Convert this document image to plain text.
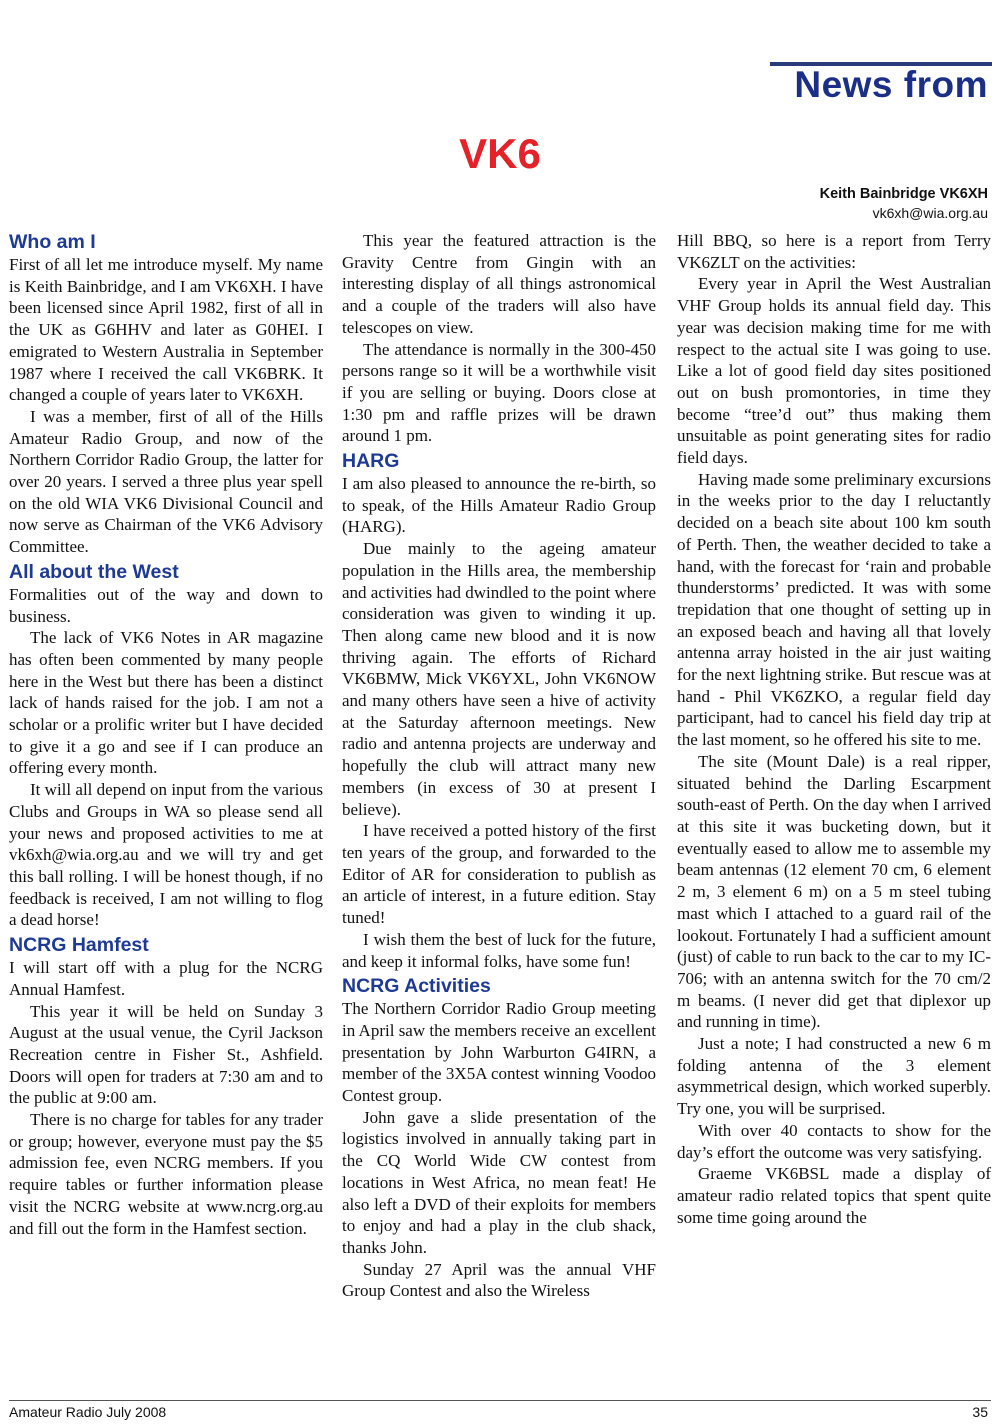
News from
VK6
Keith Bainbridge VK6XH
vk6xh@wia.org.au
Who am I

First of all let me introduce myself. My name is Keith Bainbridge, and I am VK6XH. I have been licensed since April 1982, first of all in the UK as G6HHV and later as G0HEI. I emigrated to Western Australia in September 1987 where I received the call VK6BRK. It changed a couple of years later to VK6XH.

I was a member, first of all of the Hills Amateur Radio Group, and now of the Northern Corridor Radio Group, the latter for over 20 years. I served a three plus year spell on the old WIA VK6 Divisional Council and now serve as Chairman of the VK6 Advisory Committee.

All about the West

Formalities out of the way and down to business.

The lack of VK6 Notes in AR magazine has often been commented by many people here in the West but there has been a distinct lack of hands raised for the job. I am not a scholar or a prolific writer but I have decided to give it a go and see if I can produce an offering every month.

It will all depend on input from the various Clubs and Groups in WA so please send all your news and proposed activities to me at vk6xh@wia.org.au and we will try and get this ball rolling. I will be honest though, if no feedback is received, I am not willing to flog a dead horse!

NCRG Hamfest

I will start off with a plug for the NCRG Annual Hamfest.

This year it will be held on Sunday 3 August at the usual venue, the Cyril Jackson Recreation centre in Fisher St., Ashfield. Doors will open for traders at 7:30 am and to the public at 9:00 am.

There is no charge for tables for any trader or group; however, everyone must pay the $5 admission fee, even NCRG members. If you require tables or further information please visit the NCRG website at www.ncrg.org.au and fill out the form in the Hamfest section.

This year the featured attraction is the Gravity Centre from Gingin with an interesting display of all things astronomical and a couple of the traders will also have telescopes on view.

The attendance is normally in the 300-450 persons range so it will be a worthwhile visit if you are selling or buying. Doors close at 1:30 pm and raffle prizes will be drawn around 1 pm.

HARG

I am also pleased to announce the re-birth, so to speak, of the Hills Amateur Radio Group (HARG).

Due mainly to the ageing amateur population in the Hills area, the membership and activities had dwindled to the point where consideration was given to winding it up. Then along came new blood and it is now thriving again. The efforts of Richard VK6BMW, Mick VK6YXL, John VK6NOW and many others have seen a hive of activity at the Saturday afternoon meetings. New radio and antenna projects are underway and hopefully the club will attract many new members (in excess of 30 at present I believe).

I have received a potted history of the first ten years of the group, and forwarded to the Editor of AR for consideration to publish as an article of interest, in a future edition. Stay tuned!

I wish them the best of luck for the future, and keep it informal folks, have some fun!

NCRG Activities

The Northern Corridor Radio Group meeting in April saw the members receive an excellent presentation by John Warburton G4IRN, a member of the 3X5A contest winning Voodoo Contest group.

John gave a slide presentation of the logistics involved in annually taking part in the CQ World Wide CW contest from locations in West Africa, no mean feat! He also left a DVD of their exploits for members to enjoy and had a play in the club shack, thanks John.

Sunday 27 April was the annual VHF Group Contest and also the Wireless

Hill BBQ, so here is a report from Terry VK6ZLT on the activities:

Every year in April the West Australian VHF Group holds its annual field day. This year was decision making time for me with respect to the actual site I was going to use. Like a lot of good field day sites positioned out on bush promontories, in time they become “tree’d out” thus making them unsuitable as point generating sites for radio field days.

Having made some preliminary excursions in the weeks prior to the day I reluctantly decided on a beach site about 100 km south of Perth. Then, the weather decided to take a hand, with the forecast for ‘rain and probable thunderstorms’ predicted. It was with some trepidation that one thought of setting up in an exposed beach and having all that lovely antenna array hoisted in the air just waiting for the next lightning strike. But rescue was at hand - Phil VK6ZKO, a regular field day participant, had to cancel his field day trip at the last moment, so he offered his site to me.

The site (Mount Dale) is a real ripper, situated behind the Darling Escarpment south-east of Perth. On the day when I arrived at this site it was bucketing down, but it eventually eased to allow me to assemble my beam antennas (12 element 70 cm, 6 element 2 m, 3 element 6 m) on a 5 m steel tubing mast which I attached to a guard rail of the lookout. Fortunately I had a sufficient amount (just) of cable to run back to the car to my IC-706; with an antenna switch for the 70 cm/2 m beams. (I never did get that diplexor up and running in time).

Just a note; I had constructed a new 6 m folding antenna of the 3 element asymmetrical design, which worked superbly. Try one, you will be surprised.

With over 40 contacts to show for the day’s effort the outcome was very satisfying.

Graeme VK6BSL made a display of amateur radio related topics that spent quite some time going around the

Amateur Radio July 2008	35
